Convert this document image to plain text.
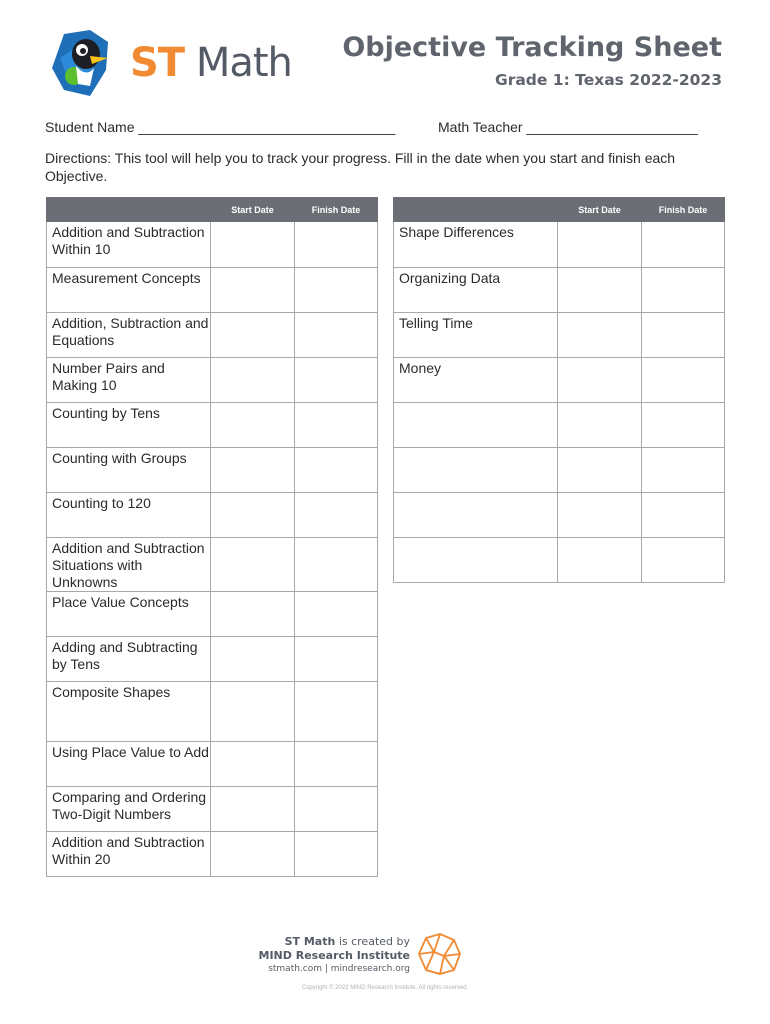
ST Math Objective Tracking Sheet
Grade 1: Texas 2022-2023
Student Name _________________________________	Math Teacher ______________________
Directions: This tool will help you to track your progress. Fill in the date when you start and finish each Objective.
	Start Date	Finish Date
Addition and Subtraction Within 10		
Measurement Concepts		
Addition, Subtraction and Equations		
Number Pairs and Making 10		
Counting by Tens		
Counting with Groups		
Counting to 120		
Addition and Subtraction Situations with Unknowns		
Place Value Concepts		
Adding and Subtracting by Tens		
Composite Shapes		
Using Place Value to Add		
Comparing and Ordering Two-Digit Numbers		
Addition and Subtraction Within 20		
	Start Date	Finish Date
Shape Differences		
Organizing Data		
Telling Time		
Money		

ST Math is created by
MIND Research Institute
stmath.com | mindresearch.org
Copyright © 2022 MIND Research Institute. All rights reserved.
